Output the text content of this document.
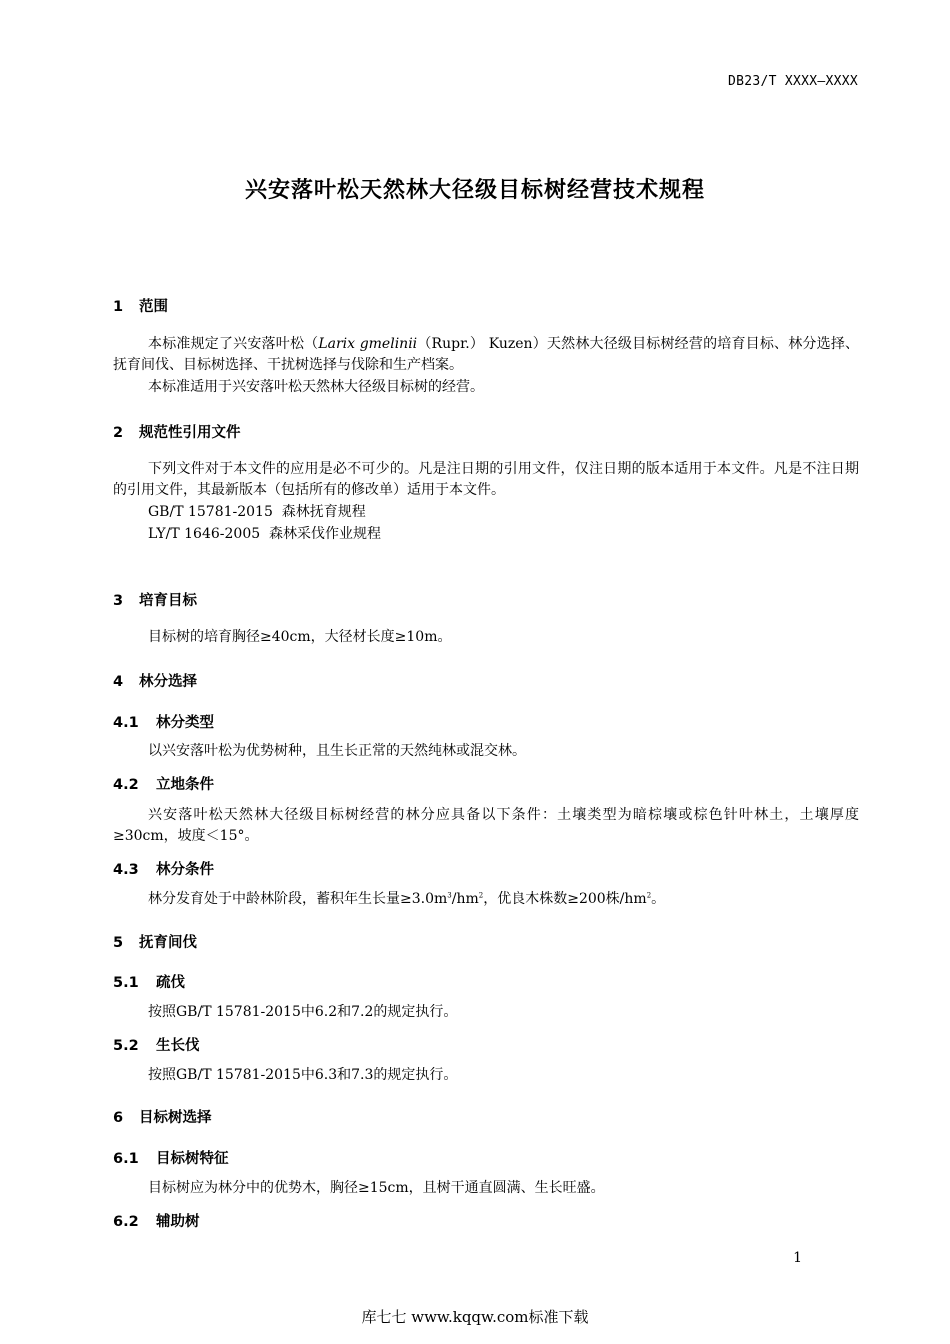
DB23/T XXXX—XXXX
兴安落叶松天然林大径级目标树经营技术规程
1 范围
本标准规定了兴安落叶松（Larix gmelinii（Rupr.） Kuzen）天然林大径级目标树经营的培育目标、林分选择、抚育间伐、目标树选择、干扰树选择与伐除和生产档案。
本标准适用于兴安落叶松天然林大径级目标树的经营。
2 规范性引用文件
下列文件对于本文件的应用是必不可少的。凡是注日期的引用文件，仅注日期的版本适用于本文件。凡是不注日期的引用文件，其最新版本（包括所有的修改单）适用于本文件。
GB/T 15781-2015  森林抚育规程
LY/T 1646-2005  森林采伐作业规程
3 培育目标
目标树的培育胸径≥40cm，大径材长度≥10m。
4 林分选择
4.1 林分类型
以兴安落叶松为优势树种，且生长正常的天然纯林或混交林。
4.2 立地条件
兴安落叶松天然林大径级目标树经营的林分应具备以下条件：土壤类型为暗棕壤或棕色针叶林土，土壤厚度≥30cm，坡度＜15°。
4.3 林分条件
林分发育处于中龄林阶段，蓄积年生长量$\ge 3.0m^3/hm^2$，优良木株数≥200株$/hm^2$。
5 抚育间伐
5.1 疏伐
按照GB/T 15781-2015中6.2和7.2的规定执行。
5.2 生长伐
按照GB/T 15781-2015中6.3和7.3的规定执行。
6 目标树选择
6.1 目标树特征
目标树应为林分中的优势木，胸径≥15cm，且树干通直圆满、生长旺盛。
6.2 辅助树
1
库七七 www.kqqw.com标准下载
